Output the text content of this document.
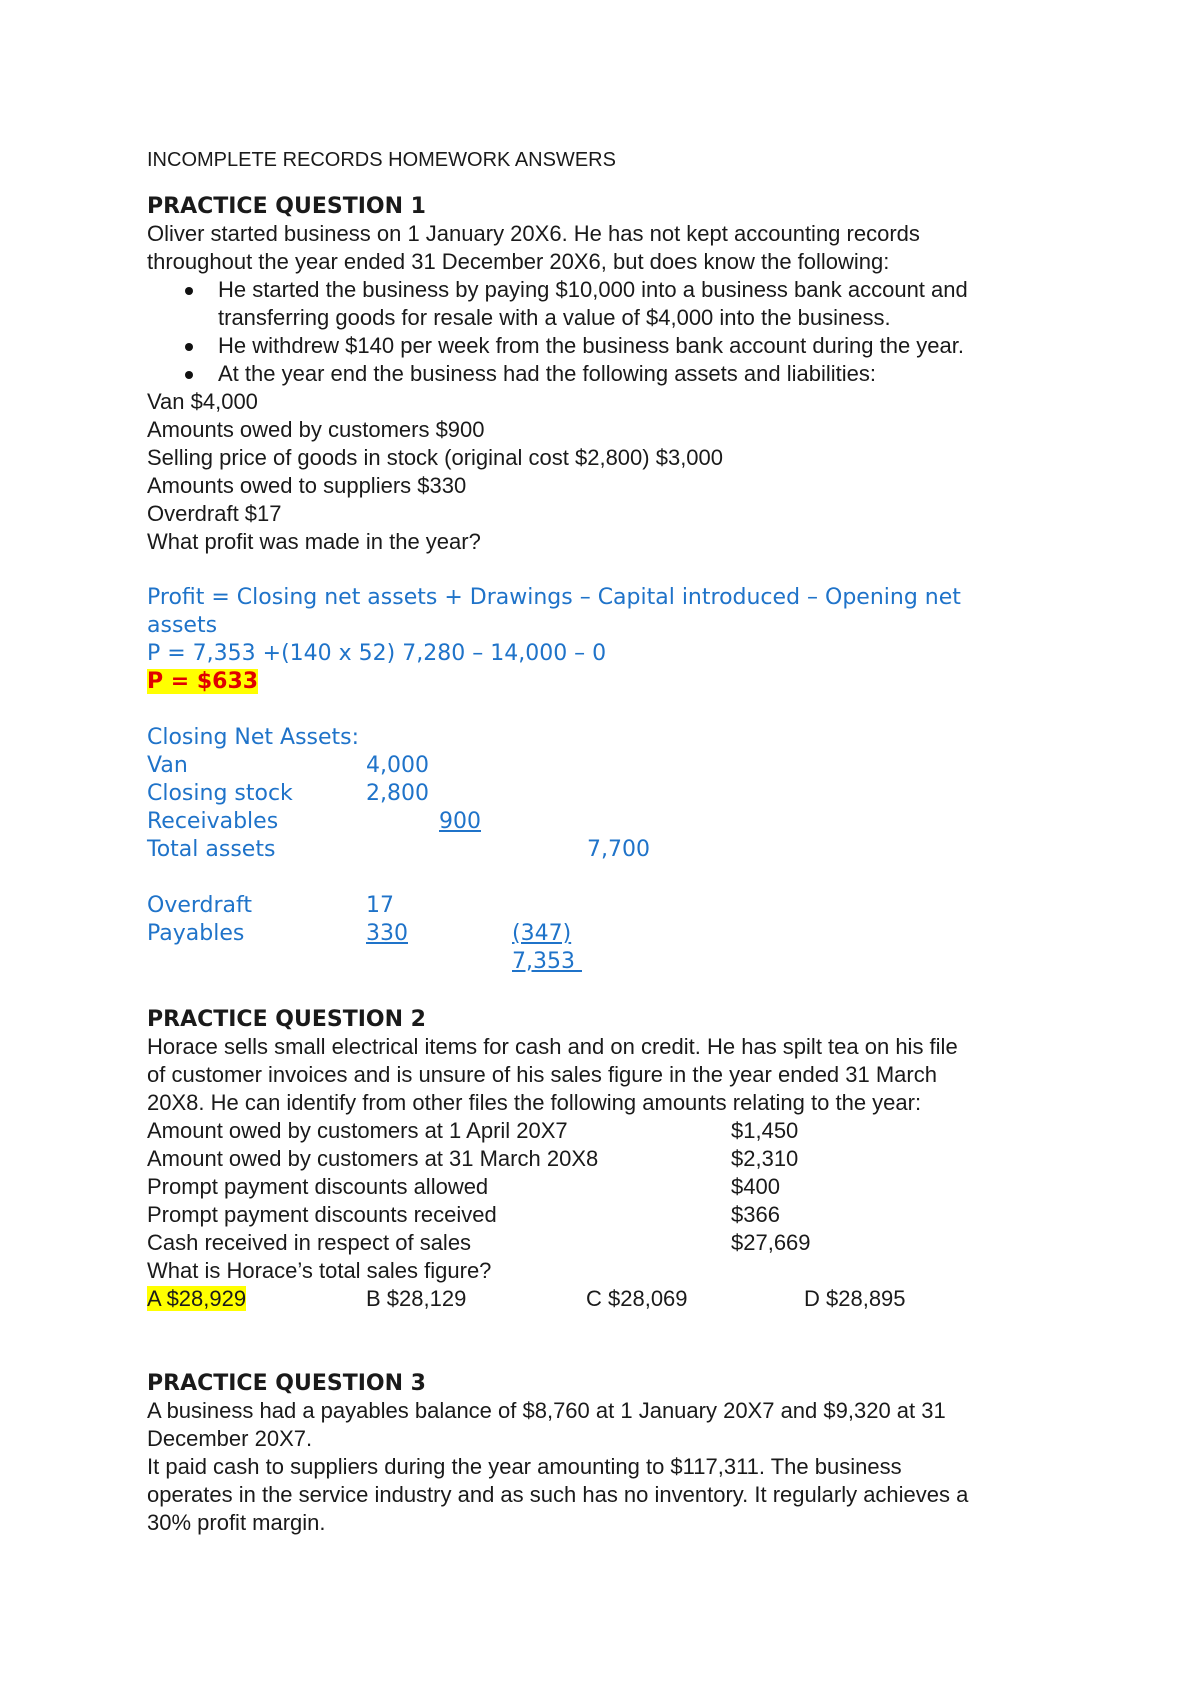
INCOMPLETE RECORDS HOMEWORK ANSWERS
PRACTICE QUESTION 1
Oliver started business on 1 January 20X6. He has not kept accounting records
throughout the year ended 31 December 20X6, but does know the following:
He started the business by paying $10,000 into a business bank account and
transferring goods for resale with a value of $4,000 into the business.
He withdrew $140 per week from the business bank account during the year.
At the year end the business had the following assets and liabilities:
Van $4,000
Amounts owed by customers $900
Selling price of goods in stock (original cost $2,800) $3,000
Amounts owed to suppliers $330
Overdraft $17
What profit was made in the year?
Profit = Closing net assets + Drawings – Capital introduced – Opening net
assets
P = 7,353 +(140 x 52) 7,280 – 14,000 – 0
P = $633
Closing Net Assets:
Van	4,000
Closing stock	2,800
Receivables	900
Total assets	7,700
Overdraft	17
Payables	330	(347)
7,353
PRACTICE QUESTION 2
Horace sells small electrical items for cash and on credit. He has spilt tea on his file
of customer invoices and is unsure of his sales figure in the year ended 31 March
20X8. He can identify from other files the following amounts relating to the year:
Amount owed by customers at 1 April 20X7	$1,450
Amount owed by customers at 31 March 20X8	$2,310
Prompt payment discounts allowed	$400
Prompt payment discounts received	$366
Cash received in respect of sales	$27,669
What is Horace’s total sales figure?
A $28,929	B $28,129	C $28,069	D $28,895
PRACTICE QUESTION 3
A business had a payables balance of $8,760 at 1 January 20X7 and $9,320 at 31
December 20X7.
It paid cash to suppliers during the year amounting to $117,311. The business
operates in the service industry and as such has no inventory. It regularly achieves a
30% profit margin.
